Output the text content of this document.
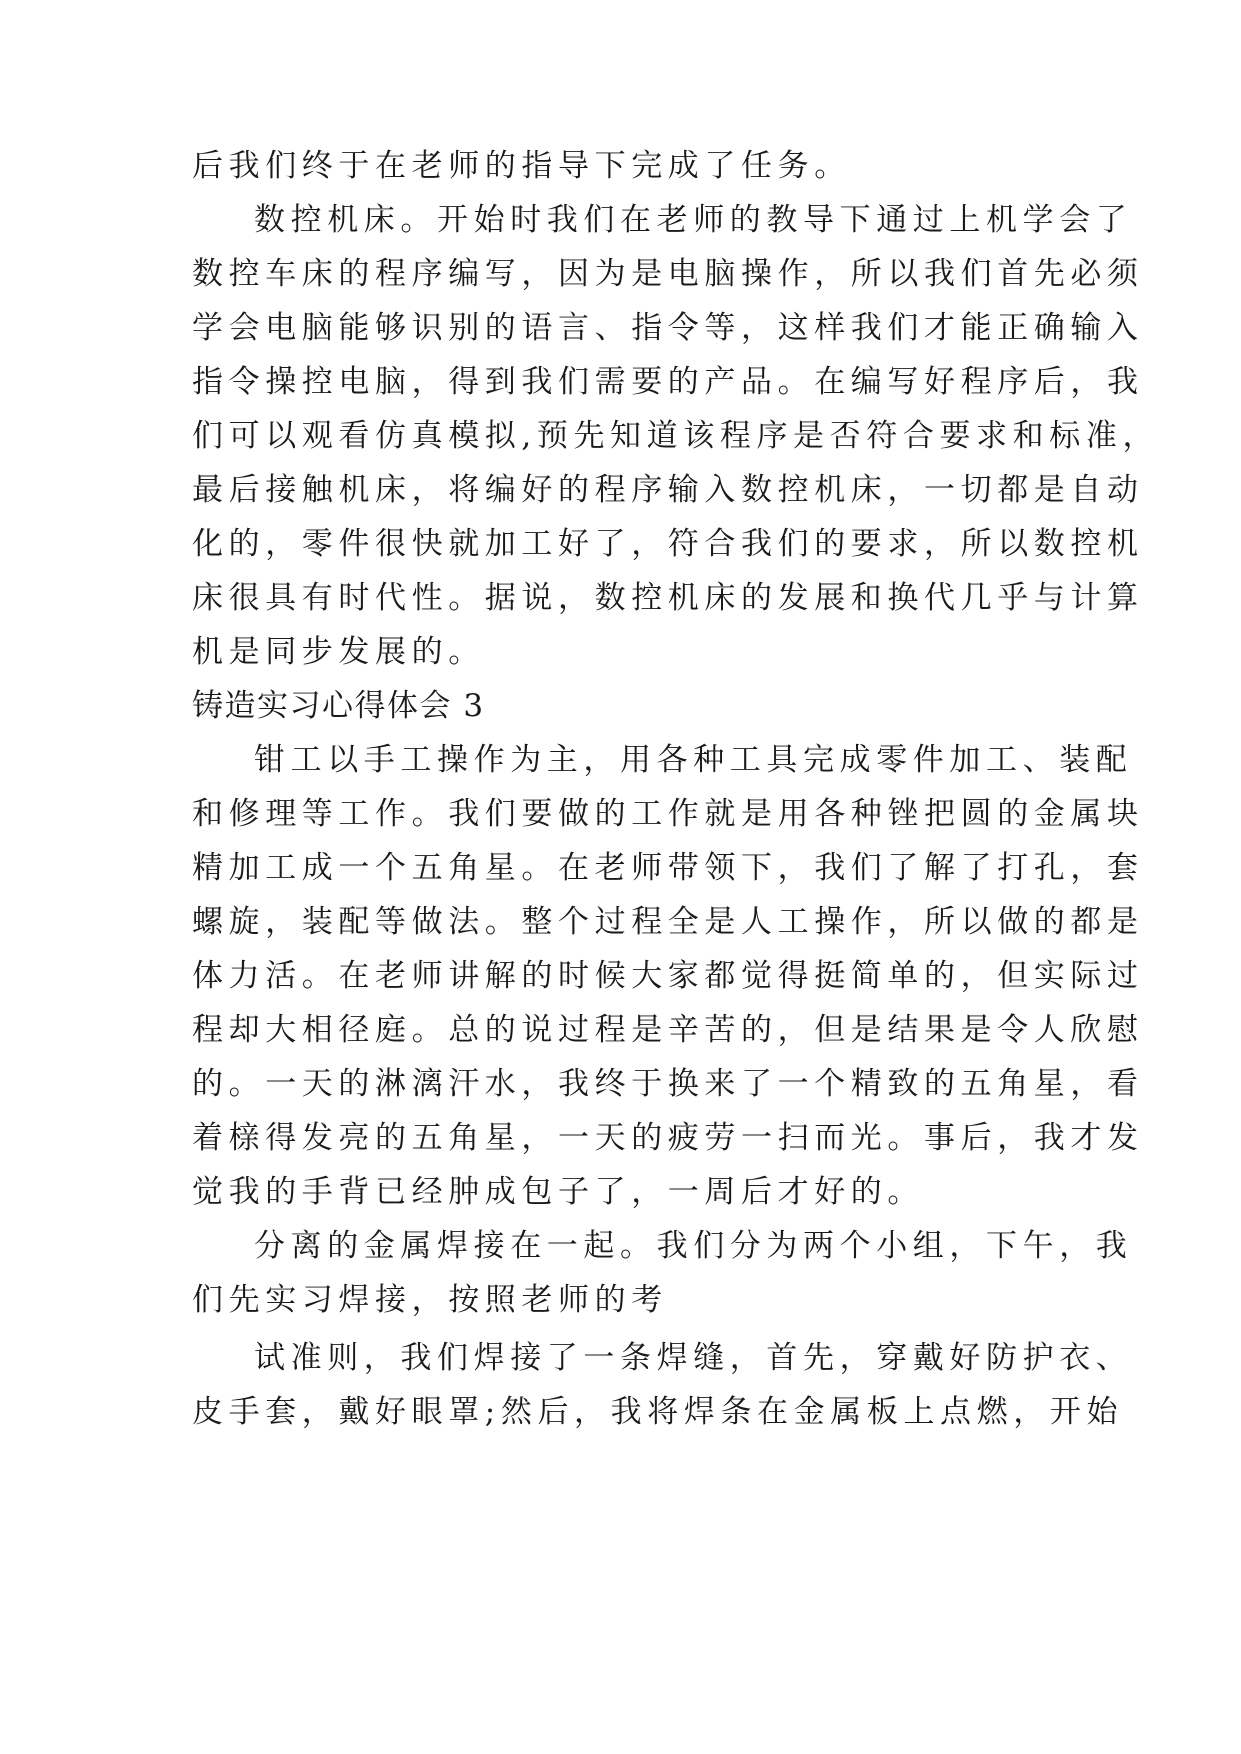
后我们终于在老师的指导下完成了任务。
数控机床。开始时我们在老师的教导下通过上机学会了
数控车床的程序编写，因为是电脑操作，所以我们首先必须
学会电脑能够识别的语言、指令等，这样我们才能正确输入
指令操控电脑，得到我们需要的产品。在编写好程序后，我
们可以观看仿真模拟,预先知道该程序是否符合要求和标准，
最后接触机床，将编好的程序输入数控机床，一切都是自动
化的，零件很快就加工好了，符合我们的要求，所以数控机
床很具有时代性。据说，数控机床的发展和换代几乎与计算
机是同步发展的。
铸造实习心得体会 3
钳工以手工操作为主，用各种工具完成零件加工、装配
和修理等工作。我们要做的工作就是用各种锉把圆的金属块
精加工成一个五角星。在老师带领下，我们了解了打孔，套
螺旋，装配等做法。整个过程全是人工操作，所以做的都是
体力活。在老师讲解的时候大家都觉得挺简单的，但实际过
程却大相径庭。总的说过程是辛苦的，但是结果是令人欣慰
的。一天的淋漓汗水，我终于换来了一个精致的五角星，看
着榇得发亮的五角星，一天的疲劳一扫而光。事后，我才发
觉我的手背已经肿成包子了，一周后才好的。
分离的金属焊接在一起。我们分为两个小组，下午，我
们先实习焊接，按照老师的考
试准则，我们焊接了一条焊缝，首先，穿戴好防护衣、
皮手套，戴好眼罩;然后，我将焊条在金属板上点燃，开始
